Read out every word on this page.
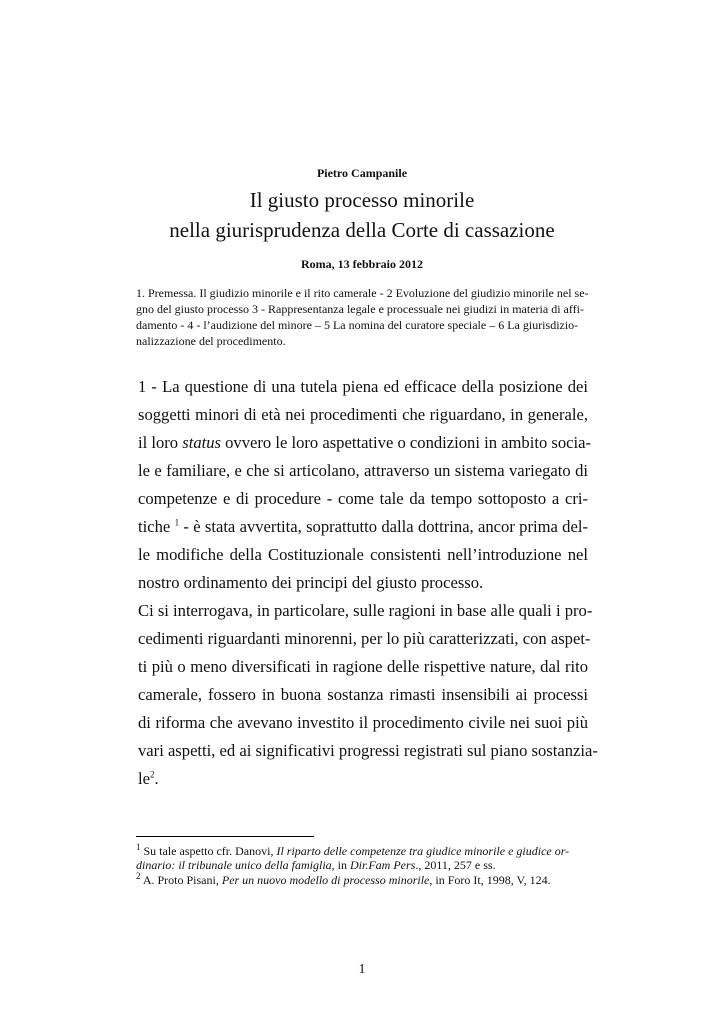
Pietro Campanile
Il giusto processo minorile
nella giurisprudenza della Corte di cassazione
Roma, 13 febbraio 2012
1. Premessa. Il giudizio minorile e il rito camerale - 2 Evoluzione del giudizio minorile nel se-
gno del giusto processo 3 - Rappresentanza legale e processuale nei giudizi in materia di affi-
damento - 4 - l’audizione del minore – 5 La nomina del curatore speciale – 6 La giurisdizio-
nalizzazione del procedimento.
1 - La questione di una tutela piena ed efficace della posizione dei
soggetti minori di età nei procedimenti che riguardano, in generale,
il loro status ovvero le loro aspettative o condizioni in ambito socia-
le e familiare, e che si articolano, attraverso un sistema variegato di
competenze e di procedure - come tale da tempo sottoposto a cri-
tiche $^1$ - è stata avvertita, soprattutto dalla dottrina, ancor prima del-
le modifiche della Costituzionale consistenti nell’introduzione nel
nostro ordinamento dei principi del giusto processo.
Ci si interrogava, in particolare, sulle ragioni in base alle quali i pro-
cedimenti riguardanti minorenni, per lo più caratterizzati, con aspet-
ti più o meno diversificati in ragione delle rispettive nature, dal rito
camerale, fossero in buona sostanza rimasti insensibili ai processi
di riforma che avevano investito il procedimento civile nei suoi più
vari aspetti, ed ai significativi progressi registrati sul piano sostanzia-
$le^2$.
$^1$ Su tale aspetto cfr. Danovi, Il riparto delle competenze tra giudice minorile e giudice or-
dinario: il tribunale unico della famiglia, in Dir.Fam Pers., 2011, 257 e ss.
$^2$ A. Proto Pisani, Per un nuovo modello di processo minorile, in Foro It, 1998, V, 124.
1
